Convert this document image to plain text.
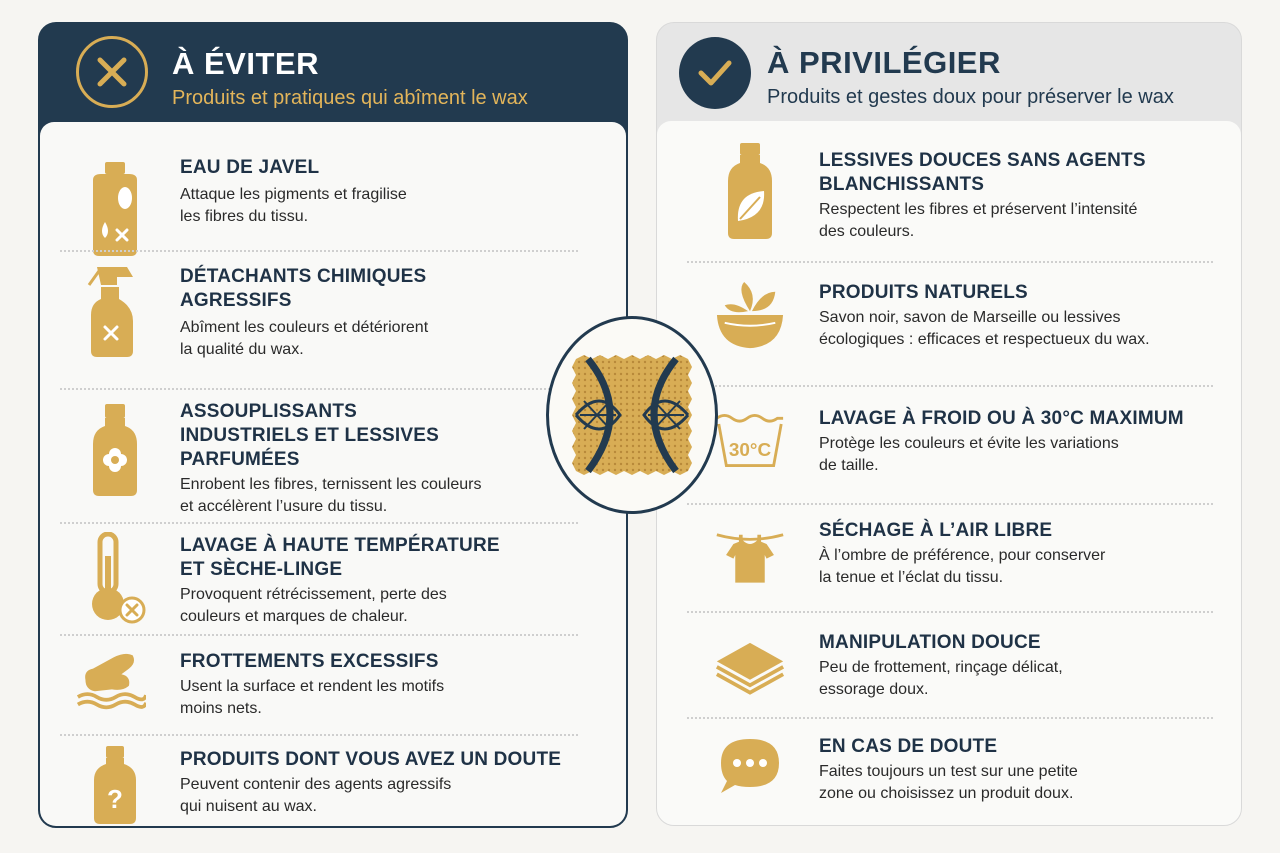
À ÉVITER
Produits et pratiques qui abîment le wax
EAU DE JAVEL
Attaque les pigments et fragilise
les fibres du tissu.
DÉTACHANTS CHIMIQUES
AGRESSIFS
Abîment les couleurs et détériorent
la qualité du wax.
ASSOUPLISSANTS
INDUSTRIELS ET LESSIVES
PARFUMÉES
Enrobent les fibres, ternissent les couleurs
et accélèrent l’usure du tissu.
LAVAGE À HAUTE TEMPÉRATURE
ET SÈCHE-LINGE
Provoquent rétrécissement, perte des
couleurs et marques de chaleur.
FROTTEMENTS EXCESSIFS
Usent la surface et rendent les motifs
moins nets.
?
PRODUITS DONT VOUS AVEZ UN DOUTE
Peuvent contenir des agents agressifs
qui nuisent au wax.
À PRIVILÉGIER
Produits et gestes doux pour préserver le wax
LESSIVES DOUCES SANS AGENTS
BLANCHISSANTS
Respectent les fibres et préservent l’intensité
des couleurs.
PRODUITS NATURELS
Savon noir, savon de Marseille ou lessives
écologiques : efficaces et respectueux du wax.
30°C
LAVAGE À FROID OU À 30°C MAXIMUM
Protège les couleurs et évite les variations
de taille.
SÉCHAGE À L’AIR LIBRE
À l’ombre de préférence, pour conserver
la tenue et l’éclat du tissu.
MANIPULATION DOUCE
Peu de frottement, rinçage délicat,
essorage doux.
EN CAS DE DOUTE
Faites toujours un test sur une petite
zone ou choisissez un produit doux.
